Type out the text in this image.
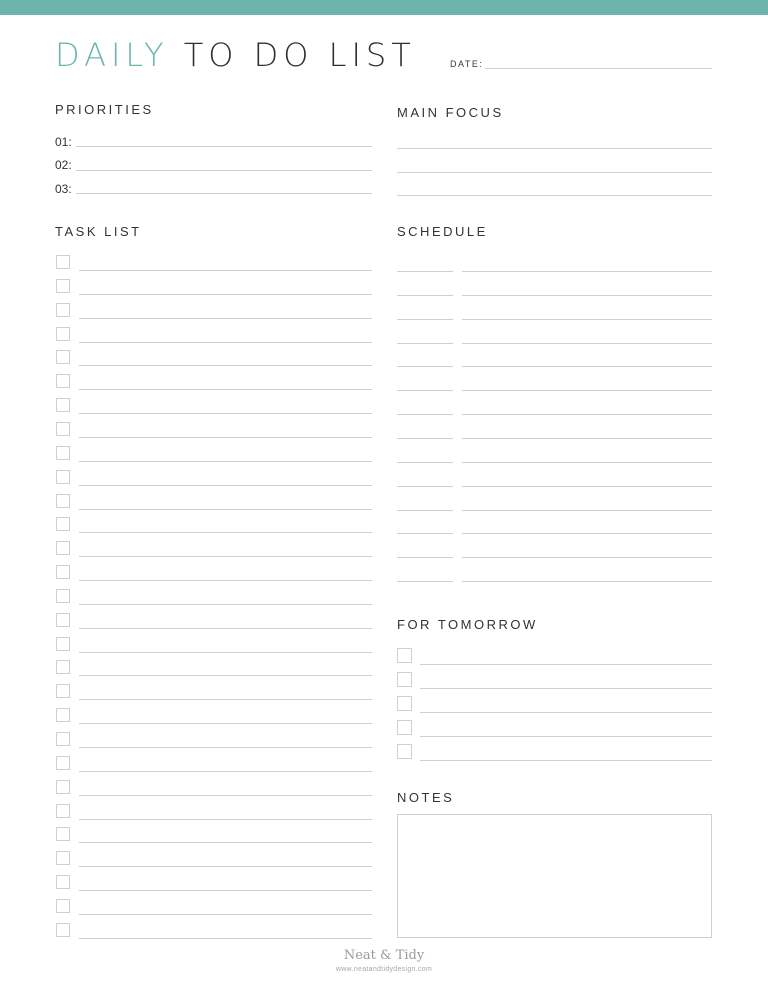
DAILY TO DO LIST	DATE:
PRIORITIES
01:
02:
03:
MAIN FOCUS
TASK LIST	SCHEDULE
FOR TOMORROW
NOTES
Neat & Tidy
www.neatandtidydesign.com
